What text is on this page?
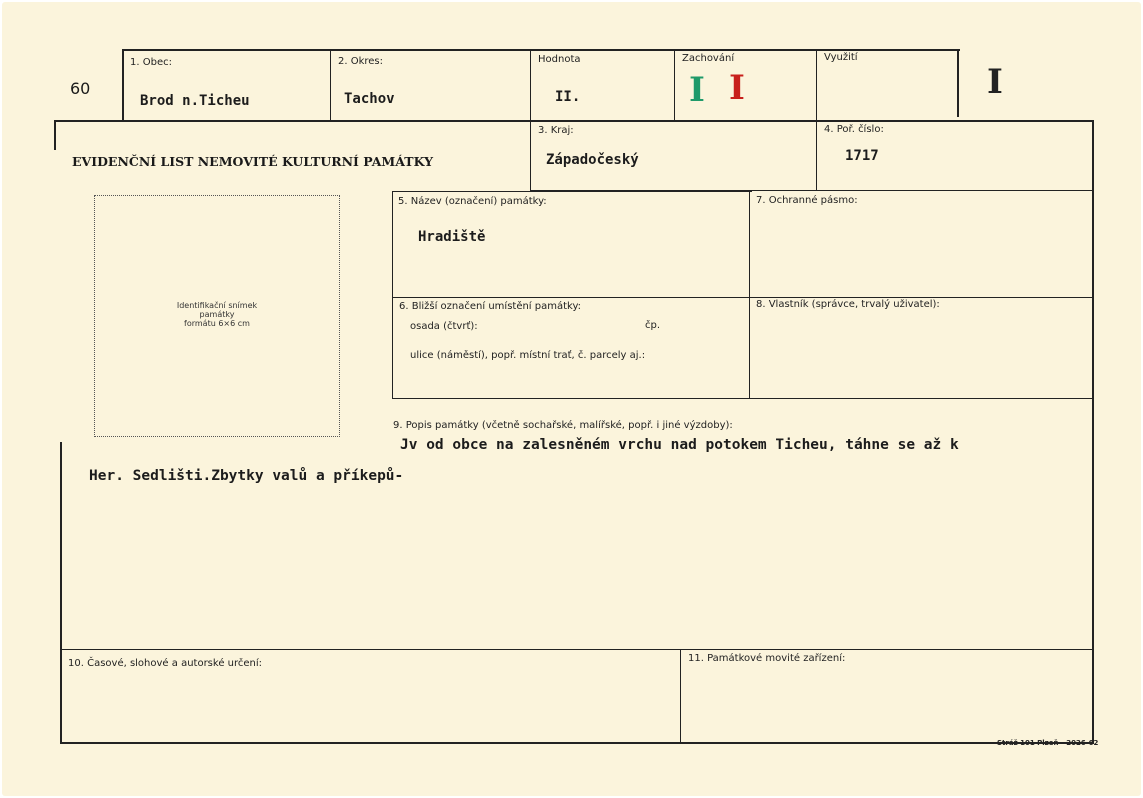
60
1. Obec:
Brod n.Ticheu
2. Okres:
Tachov
Hodnota
II.
Zachování
I I
Využití
I
EVIDENČNÍ LIST NEMOVITÉ KULTURNÍ PAMÁTKY
3. Kraj:
Západočeský
4. Poř. číslo:
1717
Identifikační snímek
památky
formátu 6×6 cm
5. Název (označení) památky:
Hradiště
7. Ochranné pásmo:
6. Bližší označení umístění památky:
osada (čtvrť):	čp.
ulice (náměstí), popř. místní trať, č. parcely aj.:
8. Vlastník (správce, trvalý uživatel):
9. Popis památky (včetně sochařské, malířské, popř. i jiné výzdoby):
Jv od obce na zalesněném vrchu nad potokem Ticheu, táhne se až k
Her. Sedlišti.Zbytky valů a příkepů-
10. Časové, slohové a autorské určení:	11. Památkové movité zařízení:
Stráž 101 Plzeň - 2026-62
